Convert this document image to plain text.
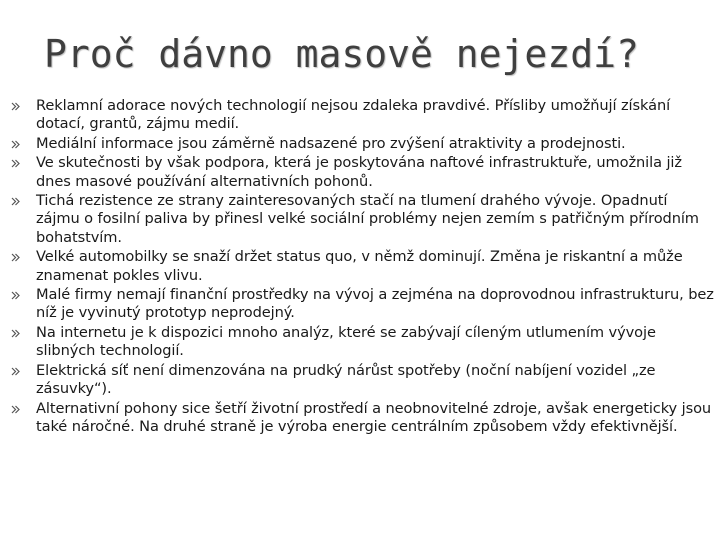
Proč dávno masově nejezdí?
Reklamní adorace nových technologií nejsou zdaleka pravdivé. Přísliby umožňují získání dotací, grantů, zájmu medií.
Mediální informace jsou záměrně nadsazené pro zvýšení atraktivity a prodejnosti.
Ve skutečnosti by však podpora, která je poskytována naftové infrastruktuře, umožnila již dnes masové používání alternativních pohonů.
Tichá rezistence ze strany zainteresovaných stačí na tlumení drahého vývoje. Opadnutí zájmu o fosilní paliva by přinesl velké sociální problémy nejen zemím s patřičným přírodním bohatstvím.
Velké automobilky se snaží držet status quo, v němž dominují. Změna je riskantní a může znamenat pokles vlivu.
Malé firmy nemají finanční prostředky na vývoj a zejména na doprovodnou infrastrukturu, bez níž je vyvinutý prototyp neprodejný.
Na internetu je k dispozici mnoho analýz, které se zabývají cíleným utlumením vývoje slibných technologií.
Elektrická síť není dimenzována na prudký nárůst spotřeby (noční nabíjení vozidel „ze zásuvky“).
Alternativní pohony sice šetří životní prostředí a neobnovitelné zdroje, avšak energeticky jsou také náročné. Na druhé straně je výroba energie centrálním způsobem vždy efektivnější.
